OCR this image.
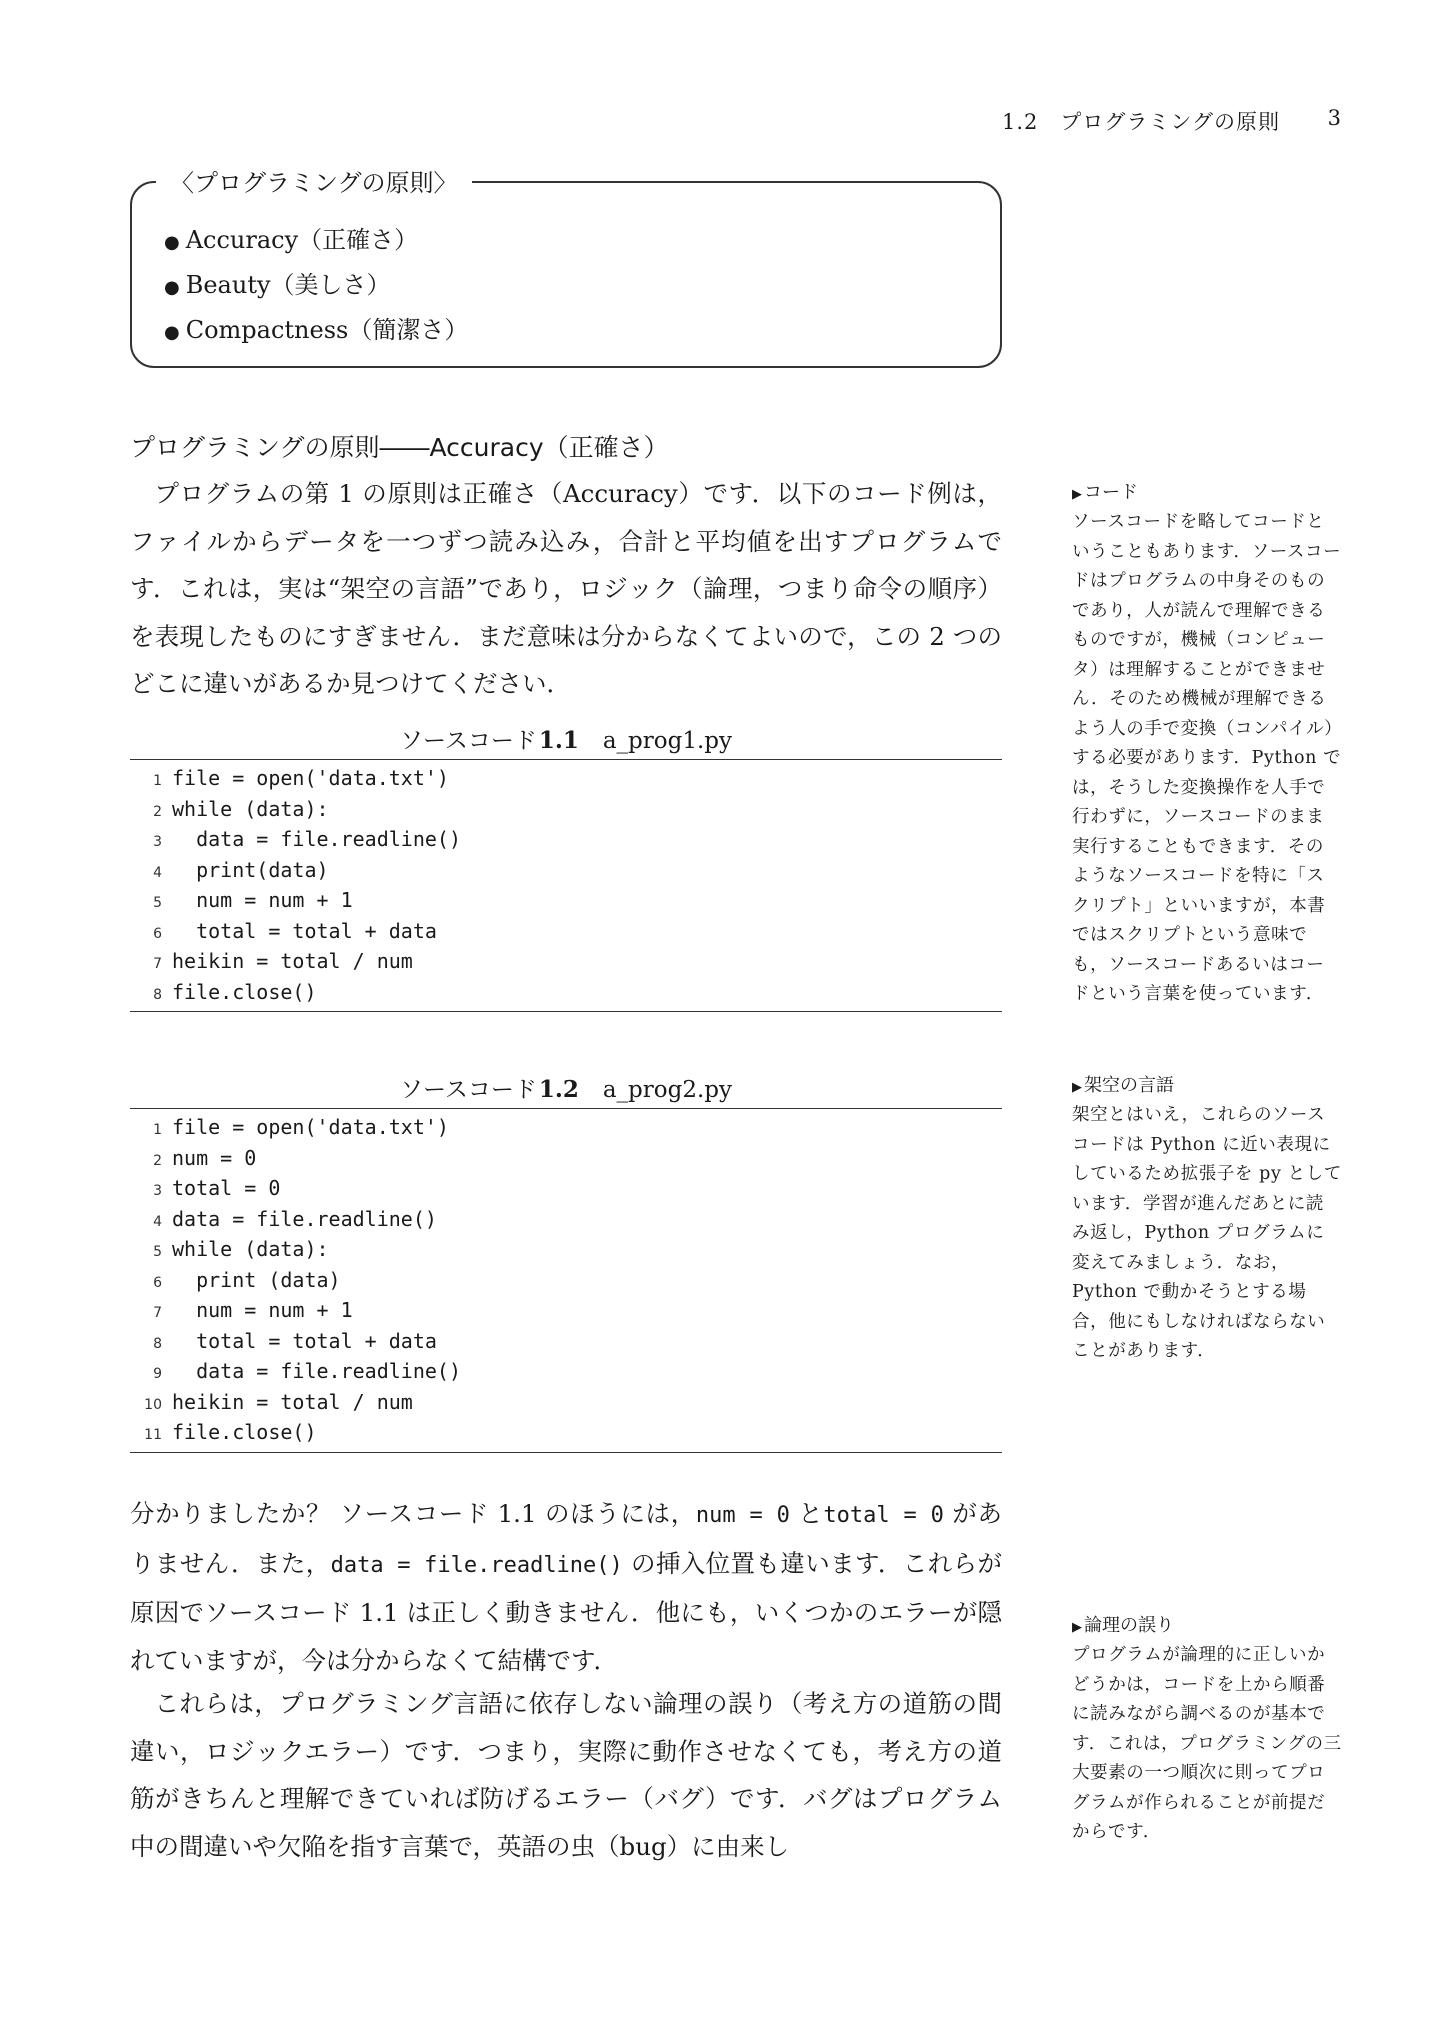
1.2　プログラミングの原則 3
〈プログラミングの原則〉
● Accuracy（正確さ）
● Beauty（美しさ）
● Compactness（簡潔さ）
プログラミングの原則――Accuracy（正確さ）

プログラムの第 1 の原則は正確さ（Accuracy）です．以下のコード例は，ファイルからデータを一つずつ読み込み，合計と平均値を出すプログラムです．これは，実は“架空の言語”であり，ロジック（論理，つまり命令の順序）を表現したものにすぎません．まだ意味は分からなくてよいので，この 2 つのどこに違いがあるか見つけてください．

ソースコード1.1 a_prog1.py
1 file = open('data.txt')
2 while (data):
3  data = file.readline()
4  print(data)
5  num = num + 1
6  total = total + data
7 heikin = total / num
8 file.close()
ソースコード1.2 a_prog2.py
1 file = open('data.txt')
2 num = 0
3 total = 0
4 data = file.readline()
5 while (data):
6  print (data)
7  num = num + 1
8  total = total + data
9  data = file.readline()
10 heikin = total / num
11 file.close()

分かりましたか？ ソースコード 1.1 のほうには，num = 0 とtotal = 0 がありません．また，data = file.readline() の挿入位置も違います．これらが原因でソースコード 1.1 は正しく動きません．他にも，いくつかのエラーが隠れていますが，今は分からなくて結構です．

これらは，プログラミング言語に依存しない論理の誤り（考え方の道筋の間違い，ロジックエラー）です．つまり，実際に動作させなくても，考え方の道筋がきちんと理解できていれば防げるエラー（バグ）です．バグはプログラム中の間違いや欠陥を指す言葉で，英語の虫（bug）に由来し

▶ コード

ソースコードを略してコードということもあります．ソースコードはプログラムの中身そのものであり，人が読んで理解できるものですが，機械（コンピュータ）は理解することができません．そのため機械が理解できるよう人の手で変換（コンパイル）する必要があります．Python では，そうした変換操作を人手で行わずに，ソースコードのまま実行することもできます．そのようなソースコードを特に「スクリプト」といいますが，本書ではスクリプトという意味でも，ソースコードあるいはコードという言葉を使っています．

▶ 架空の言語

架空とはいえ，これらのソースコードは Python に近い表現にしているため拡張子を py としています．学習が進んだあとに読み返し，Python プログラムに変えてみましょう．なお，Python で動かそうとする場合，他にもしなければならないことがあります．

▶ 論理の誤り

プログラムが論理的に正しいかどうかは，コードを上から順番に読みながら調べるのが基本です．これは，プログラミングの三大要素の一つ順次に則ってプログラムが作られることが前提だからです．
